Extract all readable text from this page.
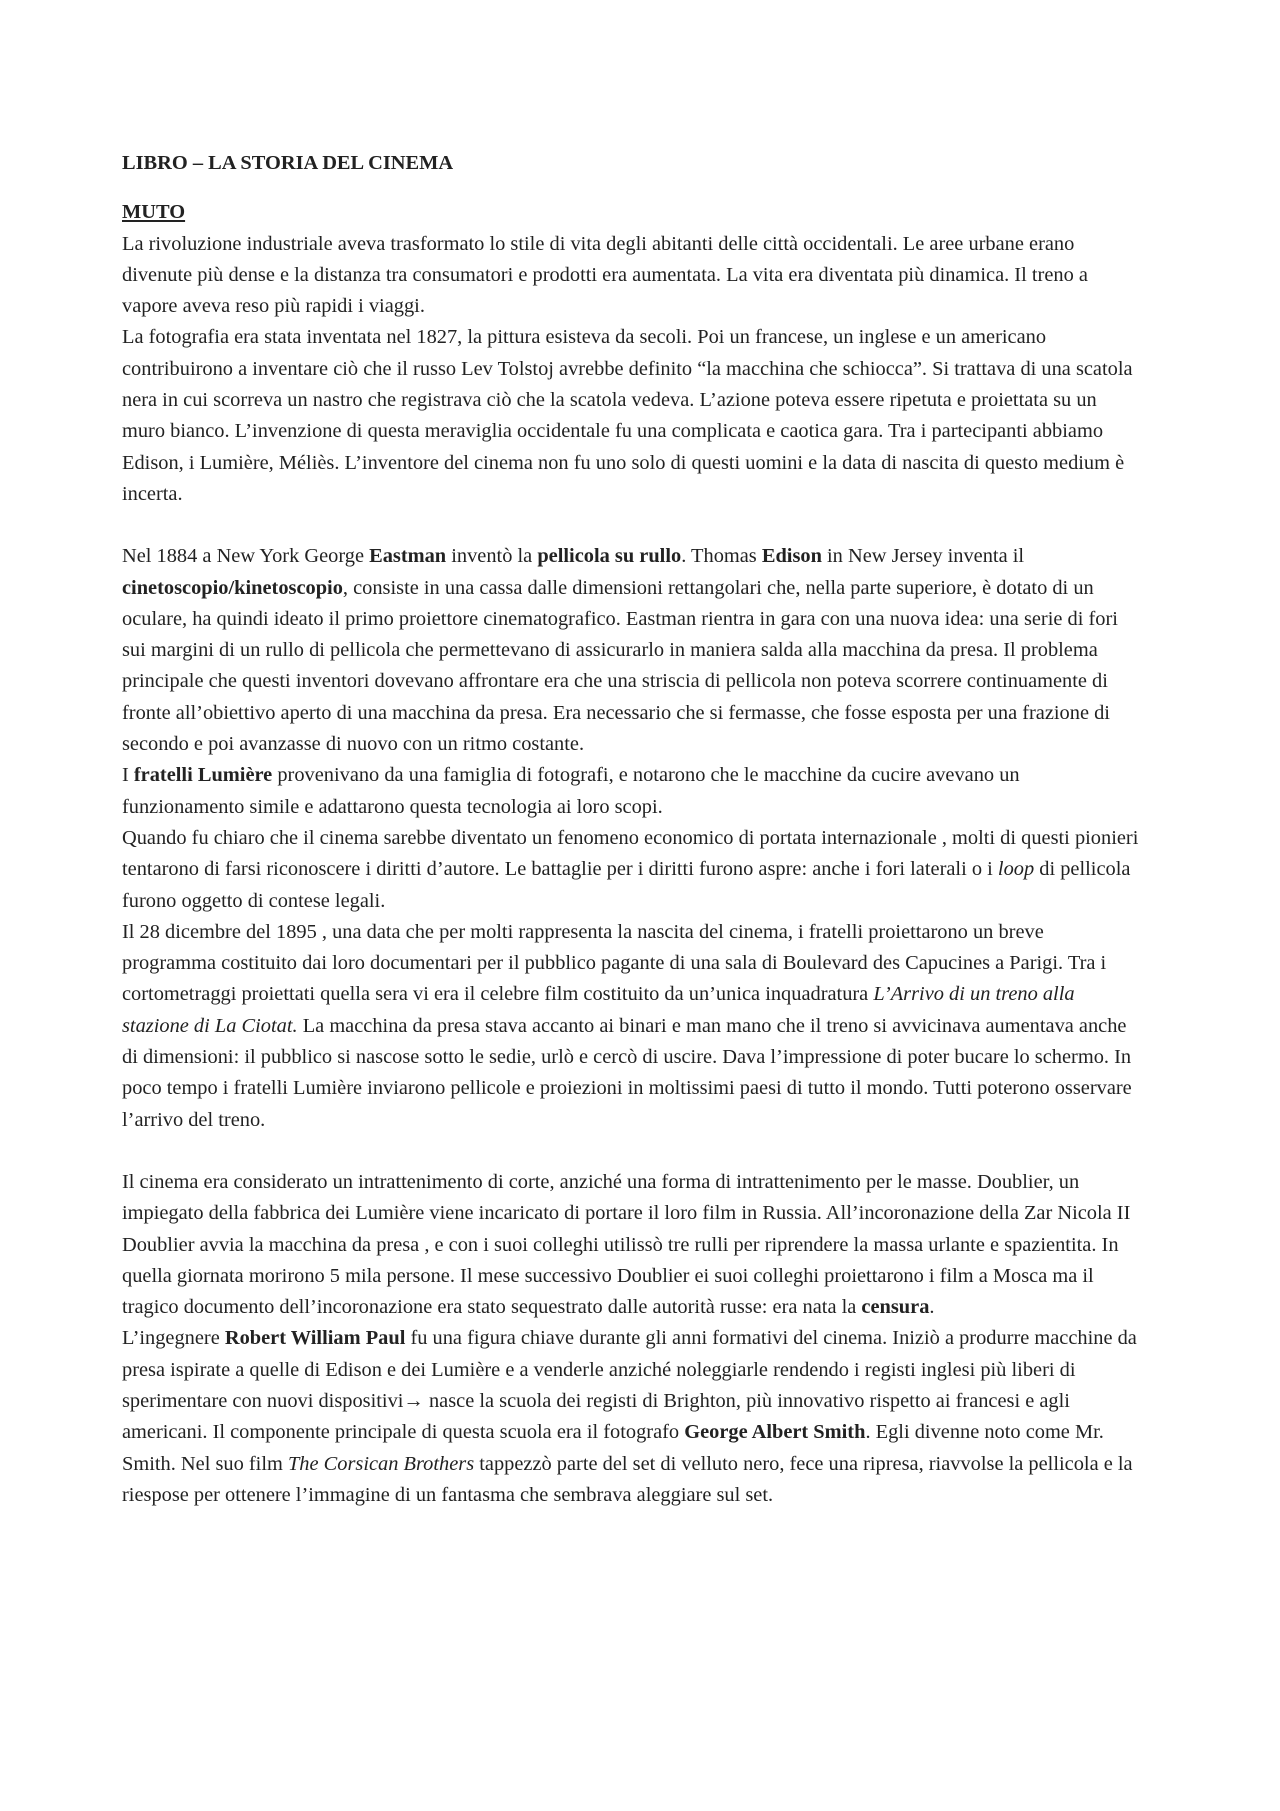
LIBRO – LA STORIA DEL CINEMA
MUTO
La rivoluzione industriale aveva trasformato lo stile di vita degli abitanti delle città occidentali. Le aree urbane erano divenute più dense e la distanza tra consumatori e prodotti era aumentata. La vita era diventata più dinamica. Il treno a vapore aveva reso più rapidi i viaggi.
La fotografia era stata inventata nel 1827, la pittura esisteva da secoli. Poi un francese, un inglese e un americano contribuirono a inventare ciò che il russo Lev Tolstoj avrebbe definito “la macchina che schiocca”. Si trattava di una scatola nera in cui scorreva un nastro che registrava ciò che la scatola vedeva. L’azione poteva essere ripetuta e proiettata su un muro bianco. L’invenzione di questa meraviglia occidentale fu una complicata e caotica gara. Tra i partecipanti abbiamo Edison, i Lumière, Méliès. L’inventore del cinema non fu uno solo di questi uomini e la data di nascita di questo medium è incerta.
Nel 1884 a New York George Eastman inventò la pellicola su rullo. Thomas Edison in New Jersey inventa il cinetoscopio/kinetoscopio, consiste in una cassa dalle dimensioni rettangolari che, nella parte superiore, è dotato di un oculare, ha quindi ideato il primo proiettore cinematografico. Eastman rientra in gara con una nuova idea: una serie di fori sui margini di un rullo di pellicola che permettevano di assicurarlo in maniera salda alla macchina da presa. Il problema principale che questi inventori dovevano affrontare era che una striscia di pellicola non poteva scorrere continuamente di fronte all’obiettivo aperto di una macchina da presa. Era necessario che si fermasse, che fosse esposta per una frazione di secondo e poi avanzasse di nuovo con un ritmo costante.
I fratelli Lumière provenivano da una famiglia di fotografi, e notarono che le macchine da cucire avevano un funzionamento simile e adattarono questa tecnologia ai loro scopi.
Quando fu chiaro che il cinema sarebbe diventato un fenomeno economico di portata internazionale , molti di questi pionieri tentarono di farsi riconoscere i diritti d’autore. Le battaglie per i diritti furono aspre: anche i fori laterali o i loop di pellicola furono oggetto di contese legali.
Il 28 dicembre del 1895 , una data che per molti rappresenta la nascita del cinema, i fratelli proiettarono un breve programma costituito dai loro documentari per il pubblico pagante di una sala di Boulevard des Capucines a Parigi. Tra i cortometraggi proiettati quella sera vi era il celebre film costituito da un’unica inquadratura L’Arrivo di un treno alla stazione di La Ciotat. La macchina da presa stava accanto ai binari e man mano che il treno si avvicinava aumentava anche di dimensioni: il pubblico si nascose sotto le sedie, urlò e cercò di uscire. Dava l’impressione di poter bucare lo schermo. In poco tempo i fratelli Lumière inviarono pellicole e proiezioni in moltissimi paesi di tutto il mondo. Tutti poterono osservare l’arrivo del treno.
Il cinema era considerato un intrattenimento di corte, anziché una forma di intrattenimento per le masse. Doublier, un impiegato della fabbrica dei Lumière viene incaricato di portare il loro film in Russia. All’incoronazione della Zar Nicola II Doublier avvia la macchina da presa , e con i suoi colleghi utilissò tre rulli per riprendere la massa urlante e spazientita. In quella giornata morirono 5 mila persone. Il mese successivo Doublier ei suoi colleghi proiettarono i film a Mosca ma il tragico documento dell’incoronazione era stato sequestrato dalle autorità russe: era nata la censura.
L’ingegnere Robert William Paul fu una figura chiave durante gli anni formativi del cinema. Iniziò a produrre macchine da presa ispirate a quelle di Edison e dei Lumière e a venderle anziché noleggiarle rendendo i registi inglesi più liberi di sperimentare con nuovi dispositivi→ nasce la scuola dei registi di Brighton, più innovativo rispetto ai francesi e agli americani. Il componente principale di questa scuola era il fotografo George Albert Smith. Egli divenne noto come Mr. Smith. Nel suo film The Corsican Brothers tappezzò parte del set di velluto nero, fece una ripresa, riavvolse la pellicola e la riespose per ottenere l’immagine di un fantasma che sembrava aleggiare sul set.
